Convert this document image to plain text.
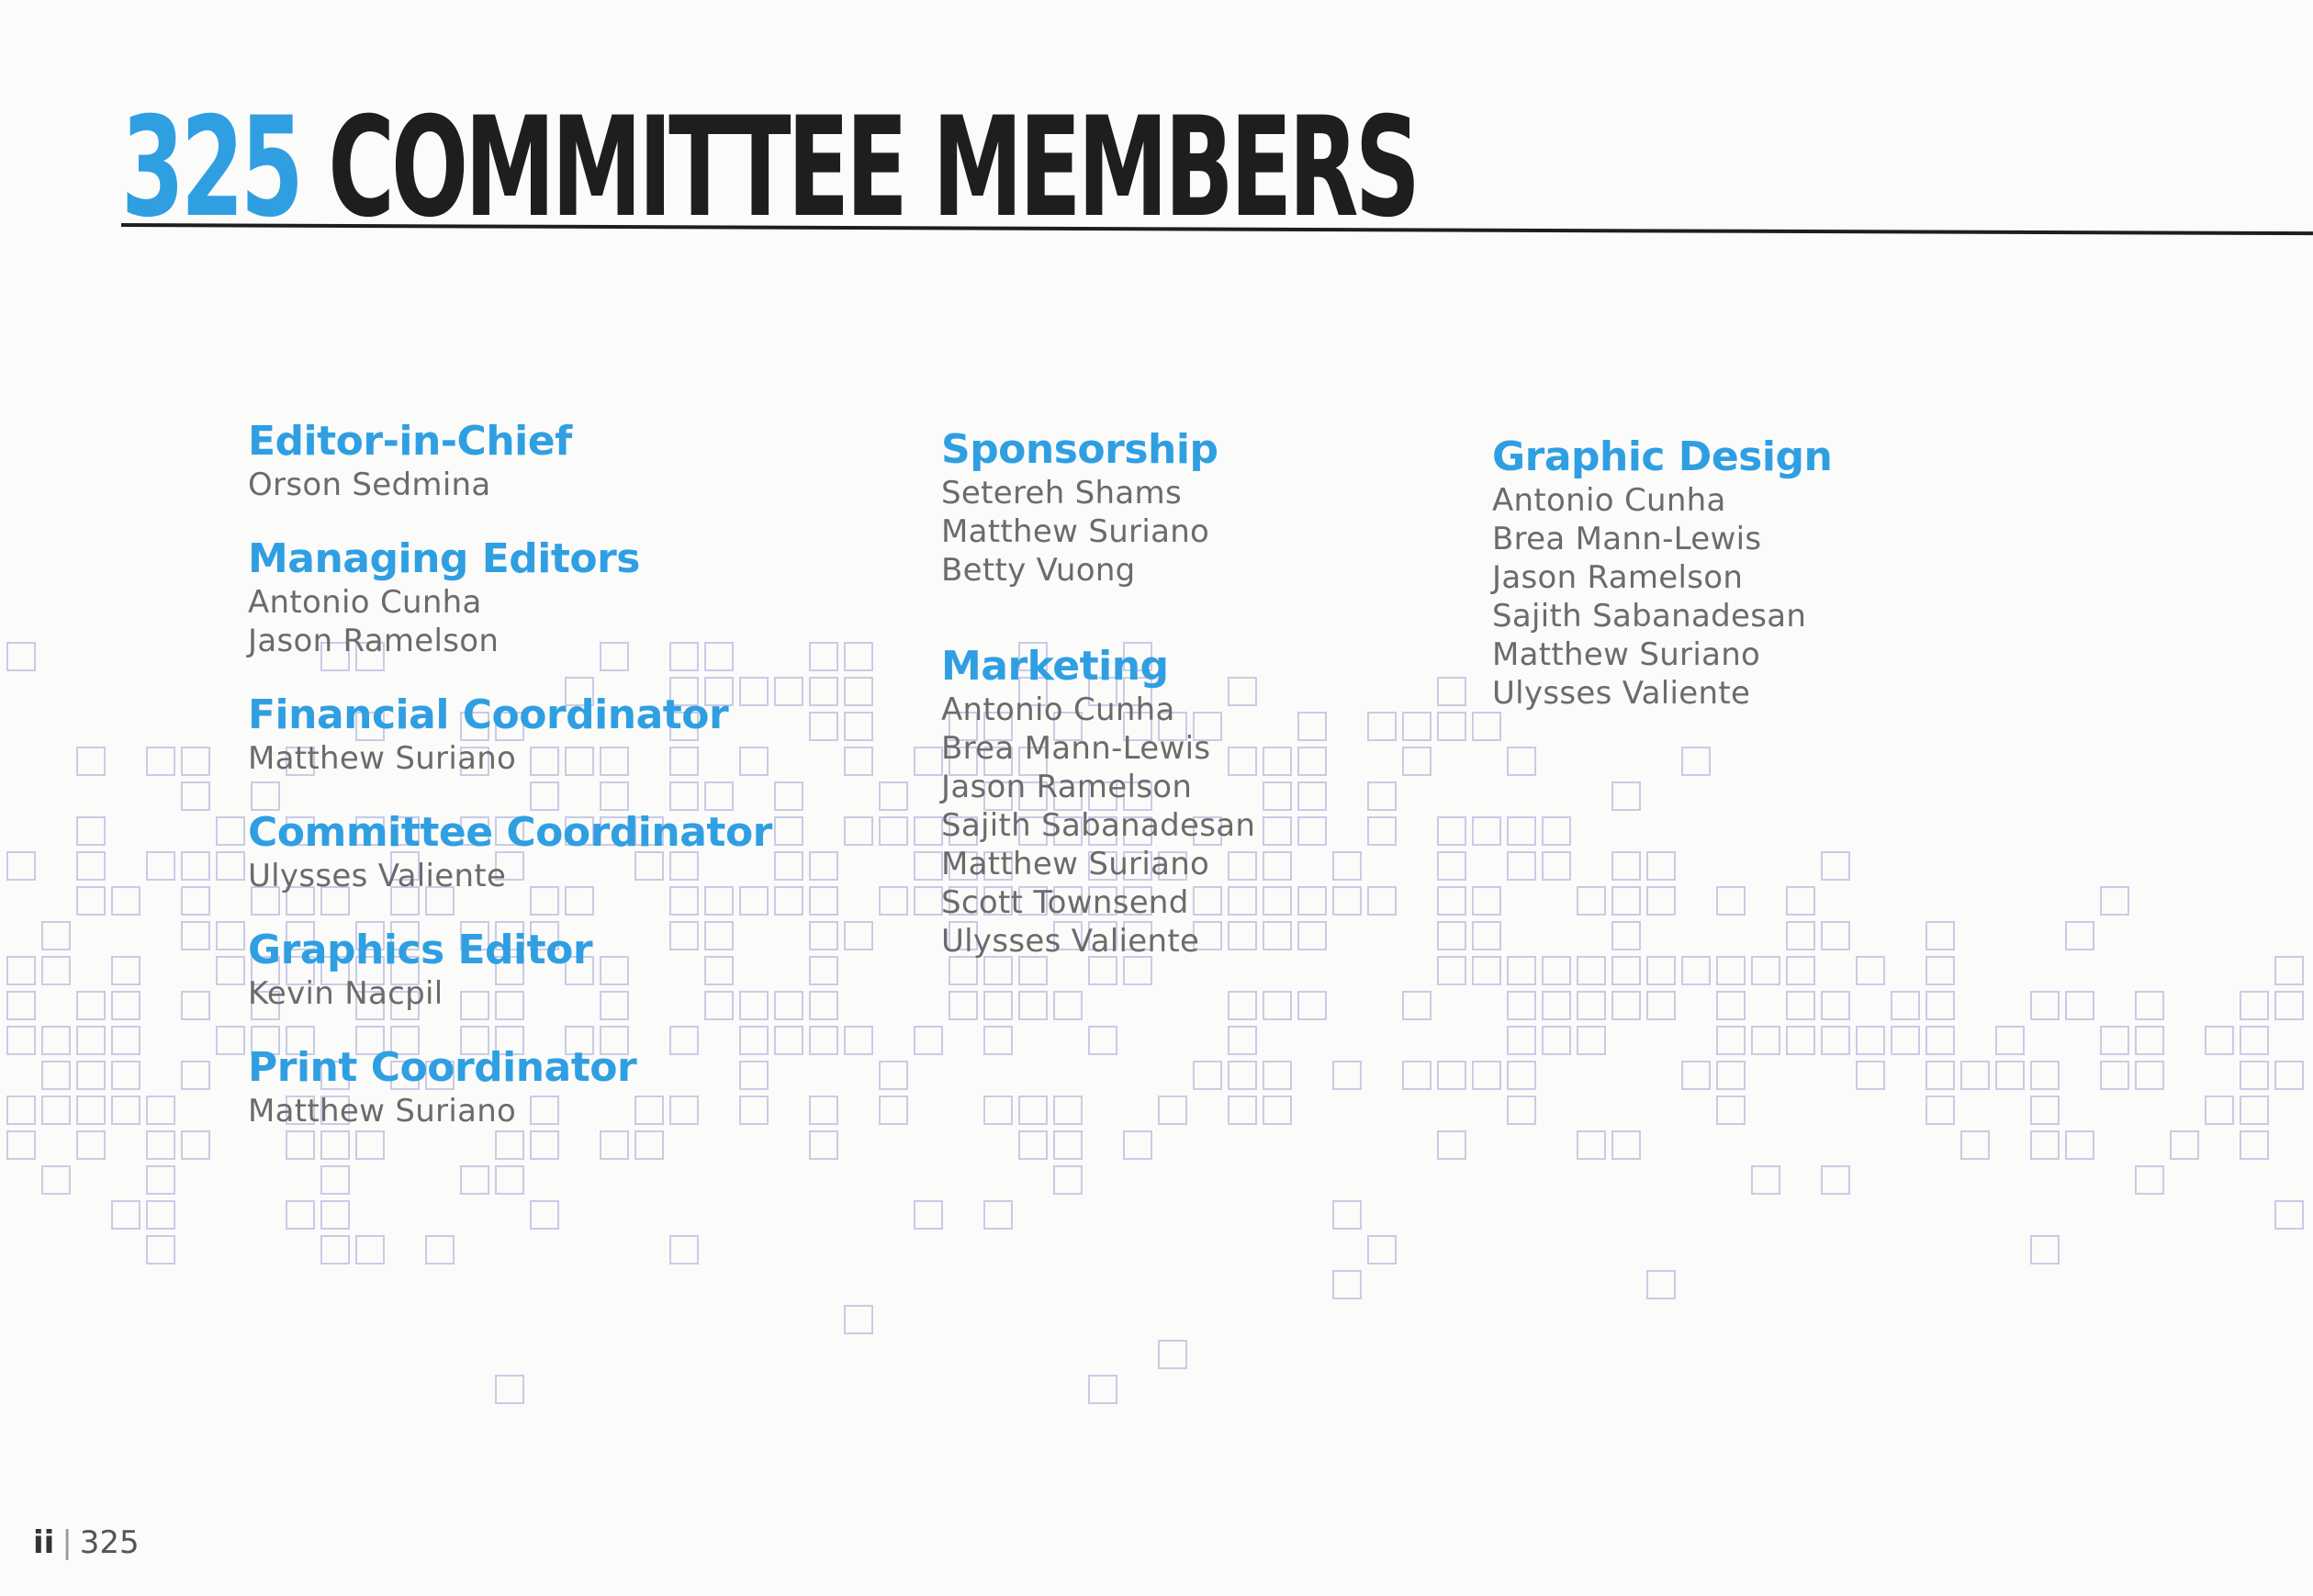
325 COMMITTEE MEMBERS
Editor-in-Chief

Orson Sedmina

Managing Editors

Antonio Cunha

Jason Ramelson

Financial Coordinator

Matthew Suriano

Committee Coordinator

Ulysses Valiente

Graphics Editor

Kevin Nacpil

Print Coordinator

Matthew Suriano

Sponsorship

Setereh Shams

Matthew Suriano

Betty Vuong

Marketing

Antonio Cunha

Brea Mann-Lewis

Jason Ramelson

Sajith Sabanadesan

Matthew Suriano

Scott Townsend

Ulysses Valiente

Graphic Design

Antonio Cunha

Brea Mann-Lewis

Jason Ramelson

Sajith Sabanadesan

Matthew Suriano

Ulysses Valiente

ii | 325
